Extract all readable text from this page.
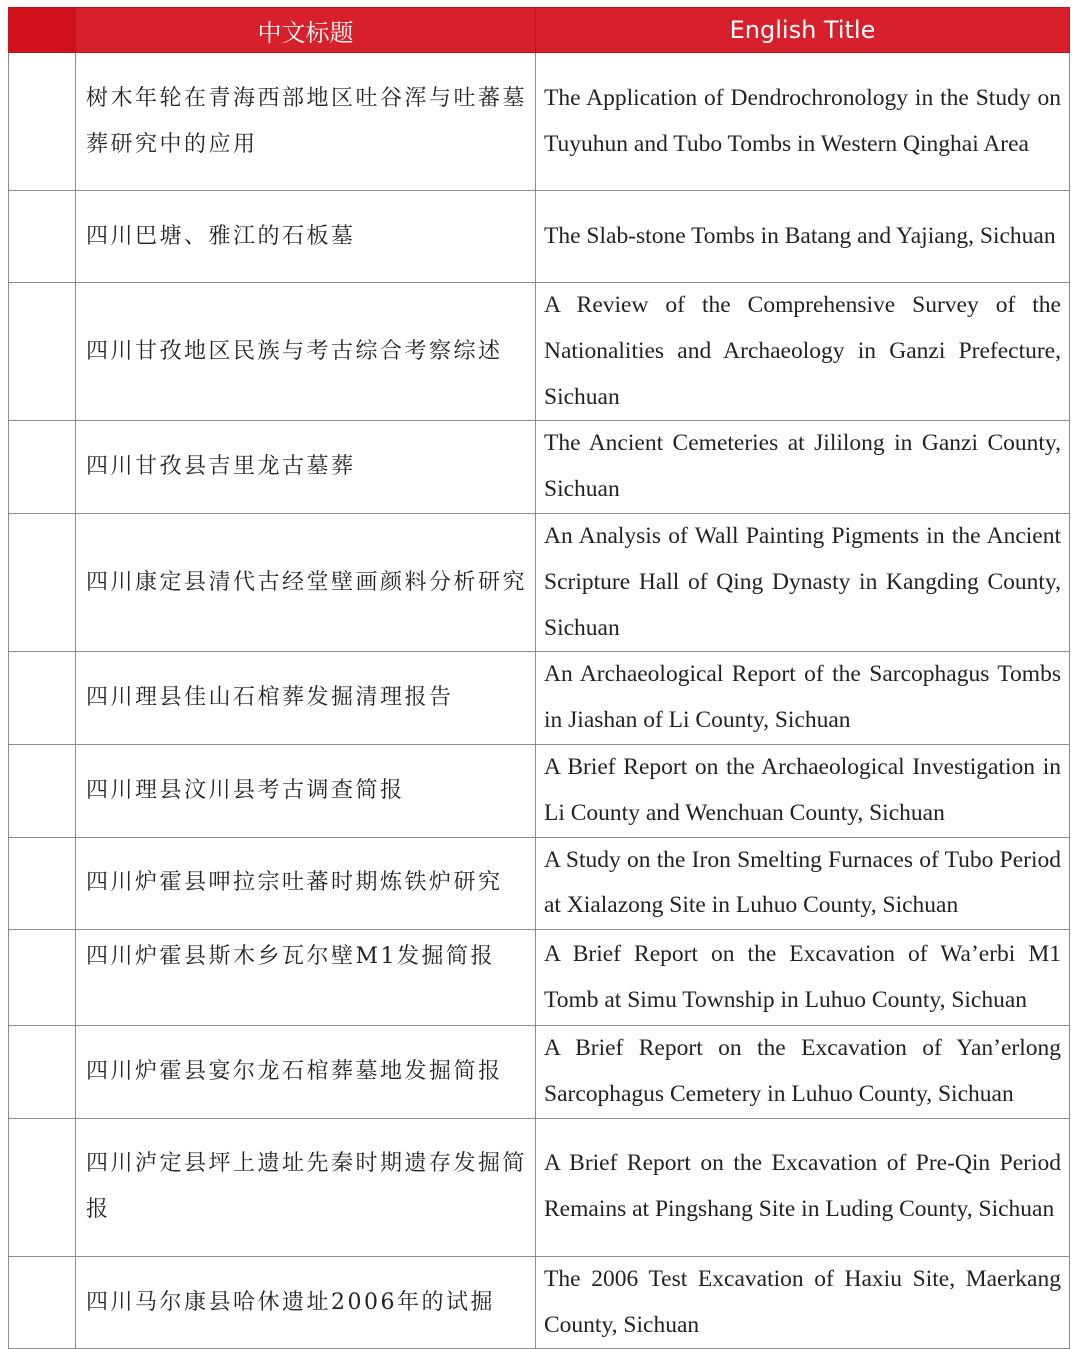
	中文标题	English Title
	树木年轮在青海西部地区吐谷浑与吐蕃墓葬研究中的应用	The Application of Dendrochronology in the Study on Tuyuhun and Tubo Tombs in Western Qinghai Area
	四川巴塘、雅江的石板墓	The Slab-stone Tombs in Batang and Yajiang, Sichuan
	四川甘孜地区民族与考古综合考察综述	A Review of the Comprehensive Survey of the Nationalities and Archaeology in Ganzi Prefecture, Sichuan
	四川甘孜县吉里龙古墓葬	The Ancient Cemeteries at Jililong in Ganzi County, Sichuan
	四川康定县清代古经堂壁画颜料分析研究	An Analysis of Wall Painting Pigments in the Ancient Scripture Hall of Qing Dynasty in Kangding County, Sichuan
	四川理县佳山石棺葬发掘清理报告	An Archaeological Report of the Sarcophagus Tombs in Jiashan of Li County, Sichuan
	四川理县汶川县考古调查简报	A Brief Report on the Archaeological Investigation in Li County and Wenchuan County, Sichuan
	四川炉霍县呷拉宗吐蕃时期炼铁炉研究	A Study on the Iron Smelting Furnaces of Tubo Period at Xialazong Site in Luhuo County, Sichuan
	四川炉霍县斯木乡瓦尔壁M1发掘简报	A Brief Report on the Excavation of Wa’erbi M1 Tomb at Simu Township in Luhuo County, Sichuan
	四川炉霍县宴尔龙石棺葬墓地发掘简报	A Brief Report on the Excavation of Yan’erlong Sarcophagus Cemetery in Luhuo County, Sichuan
	四川泸定县坪上遗址先秦时期遗存发掘简报	A Brief Report on the Excavation of Pre-Qin Period Remains at Pingshang Site in Luding County, Sichuan
	四川马尔康县哈休遗址2006年的试掘	The 2006 Test Excavation of Haxiu Site, Maerkang County, Sichuan
